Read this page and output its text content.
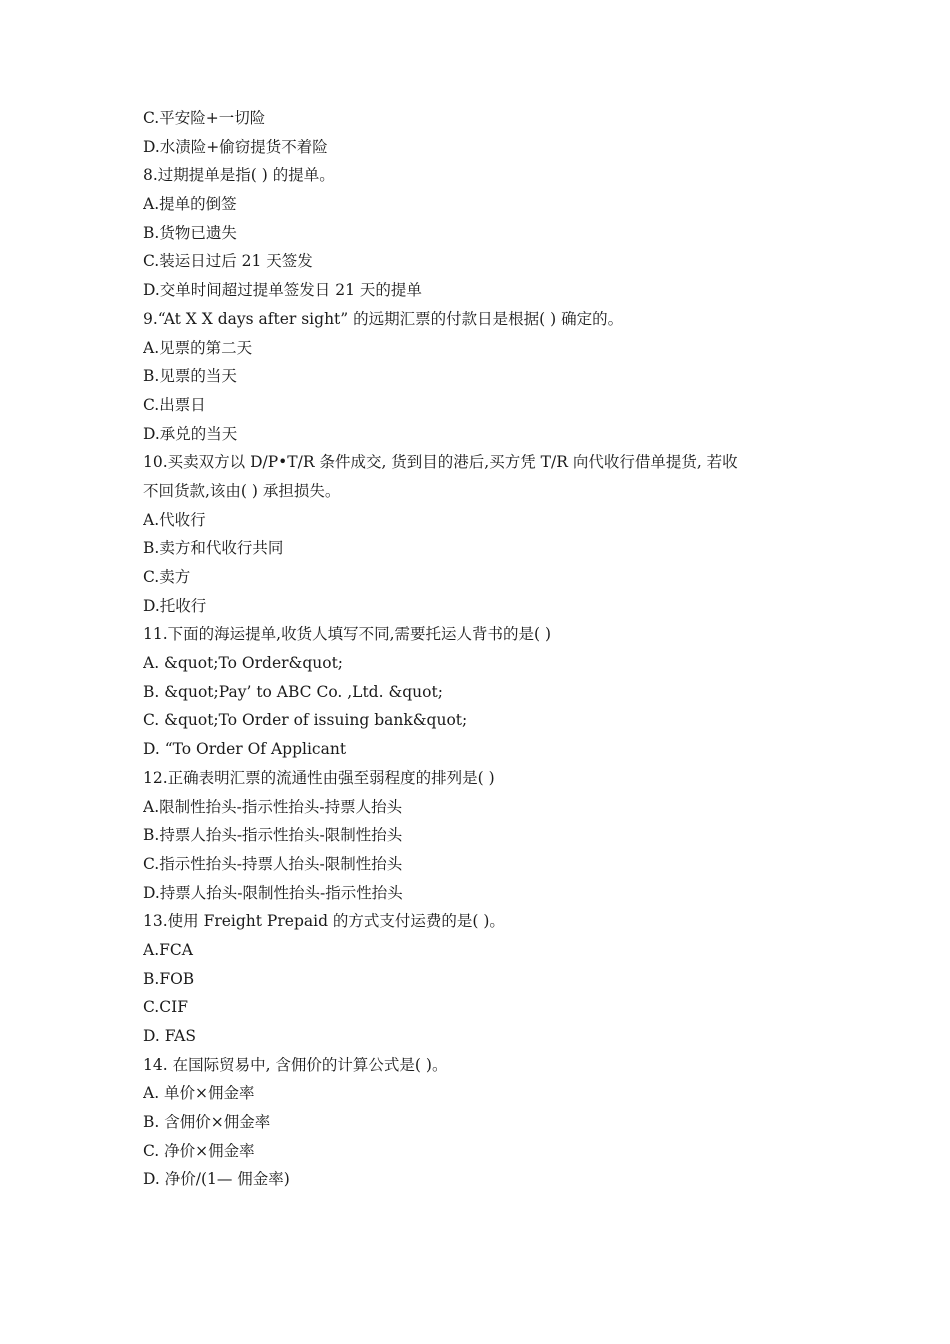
C.平安险+一切险
D.水渍险+偷窃提货不着险
8.过期提单是指( ) 的提单。
A.提单的倒签
B.货物已遗失
C.装运日过后 21 天签发
D.交单时间超过提单签发日 21 天的提单
9.“At X X days after sight” 的远期汇票的付款日是根据( ) 确定的。
A.见票的第二天
B.见票的当天
C.出票日
D.承兑的当天
10.买卖双方以 D/P•T/R 条件成交, 货到目的港后,买方凭 T/R 向代收行借单提货, 若收
不回货款,该由( ) 承担损失。
A.代收行
B.卖方和代收行共同
C.卖方
D.托收行
11.下面的海运提单,收货人填写不同,需要托运人背书的是( )
A. &quot;To Order&quot;
B. &quot;Pay’ to ABC Co. ,Ltd. &quot;
C. &quot;To Order of issuing bank&quot;
D. “To Order Of Applicant
12.正确表明汇票的流通性由强至弱程度的排列是( )
A.限制性抬头-指示性抬头-持票人抬头
B.持票人抬头-指示性抬头-限制性抬头
C.指示性抬头-持票人抬头-限制性抬头
D.持票人抬头-限制性抬头-指示性抬头
13.使用 Freight Prepaid 的方式支付运费的是( )。
A.FCA
B.FOB
C.CIF
D. FAS
14. 在国际贸易中, 含佣价的计算公式是( )。
A. 单价×佣金率
B. 含佣价×佣金率
C. 净价×佣金率
D. 净价/(1— 佣金率)
